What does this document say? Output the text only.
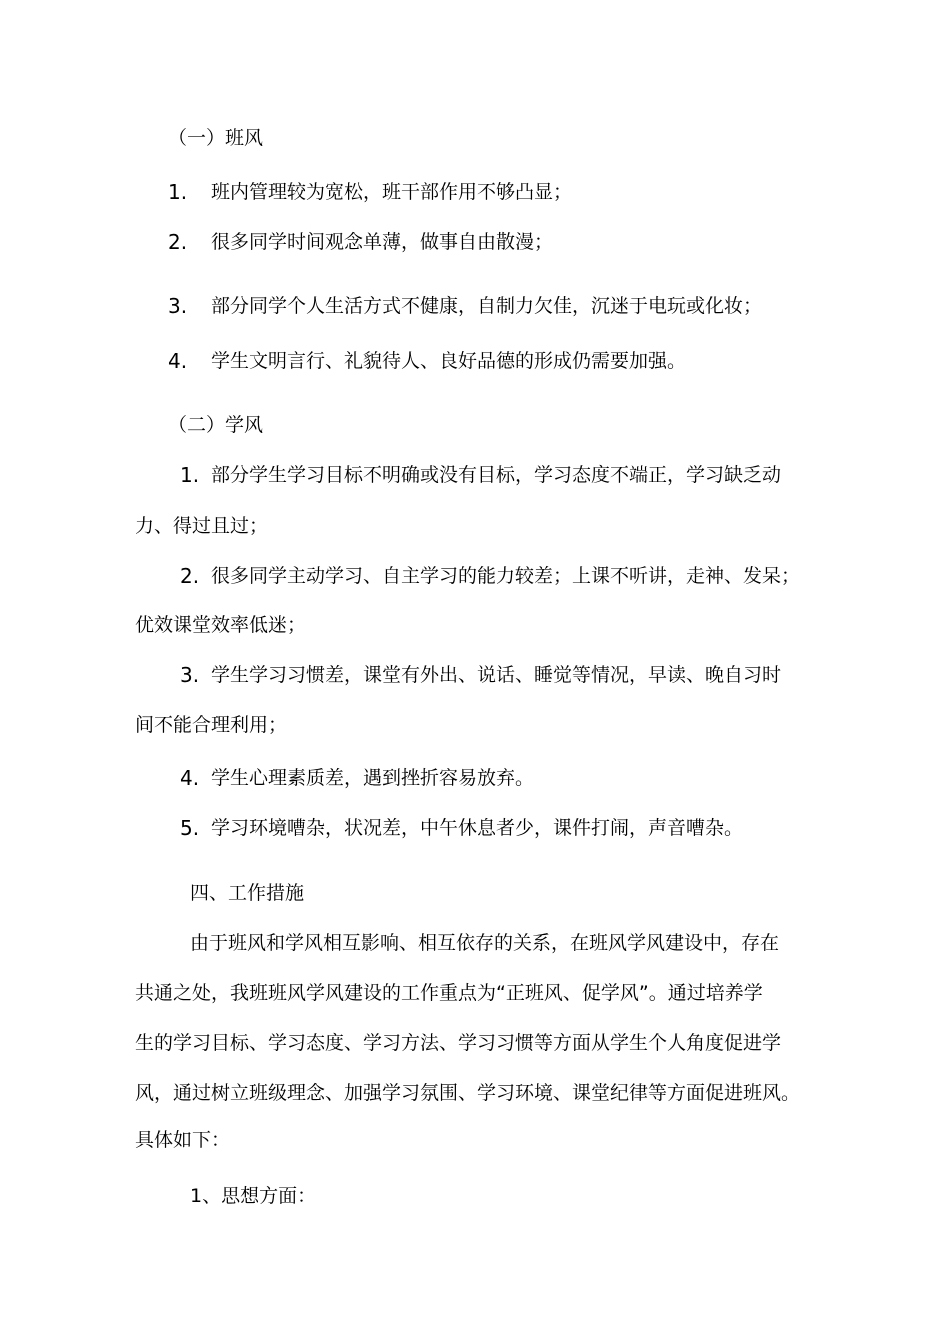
（一）班风
1. 班内管理较为宽松，班干部作用不够凸显；
2. 很多同学时间观念单薄，做事自由散漫；
3. 部分同学个人生活方式不健康，自制力欠佳，沉迷于电玩或化妆；
4. 学生文明言行、礼貌待人、良好品德的形成仍需要加强。
（二）学风
1. 部分学生学习目标不明确或没有目标，学习态度不端正，学习缺乏动
力、得过且过；
2. 很多同学主动学习、自主学习的能力较差；上课不听讲，走神、发呆；
优效课堂效率低迷；
3. 学生学习习惯差，课堂有外出、说话、睡觉等情况，早读、晚自习时
间不能合理利用；
4. 学生心理素质差，遇到挫折容易放弃。
5. 学习环境嘈杂，状况差，中午休息者少，课件打闹，声音嘈杂。
四、工作措施
由于班风和学风相互影响、相互依存的关系，在班风学风建设中，存在
共通之处，我班班风学风建设的工作重点为“正班风、促学风”。通过培养学
生的学习目标、学习态度、学习方法、学习习惯等方面从学生个人角度促进学
风，通过树立班级理念、加强学习氛围、学习环境、课堂纪律等方面促进班风。
具体如下：
1、思想方面：
